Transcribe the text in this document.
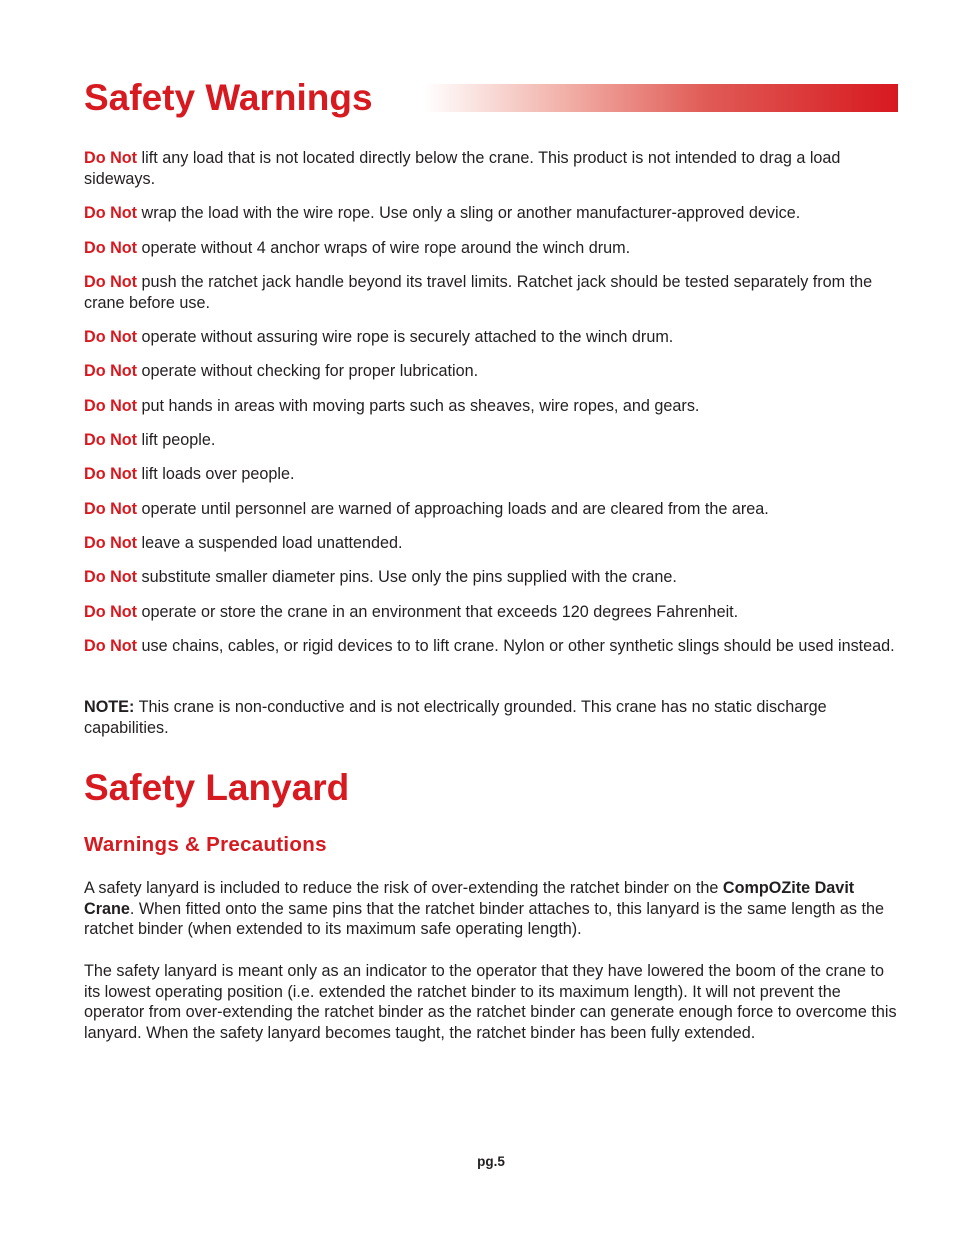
Safety Warnings

Do Not lift any load that is not located directly below the crane. This product is not intended to drag a load sideways.

Do Not wrap the load with the wire rope. Use only a sling or another manufacturer-approved device.

Do Not operate without 4 anchor wraps of wire rope around the winch drum.

Do Not push the ratchet jack handle beyond its travel limits. Ratchet jack should be tested separately from the crane before use.

Do Not operate without assuring wire rope is securely attached to the winch drum.

Do Not operate without checking for proper lubrication.

Do Not put hands in areas with moving parts such as sheaves, wire ropes, and gears.

Do Not lift people.

Do Not lift loads over people.

Do Not operate until personnel are warned of approaching loads and are cleared from the area.

Do Not leave a suspended load unattended.

Do Not substitute smaller diameter pins. Use only the pins supplied with the crane.

Do Not operate or store the crane in an environment that exceeds 120 degrees Fahrenheit.

Do Not use chains, cables, or rigid devices to to lift crane. Nylon or other synthetic slings should be used instead.

NOTE: This crane is non-conductive and is not electrically grounded. This crane has no static discharge capabilities.

Safety Lanyard
Warnings & Precautions

A safety lanyard is included to reduce the risk of over-extending the ratchet binder on the CompOZite Davit Crane. When fitted onto the same pins that the ratchet binder attaches to, this lanyard is the same length as the ratchet binder (when extended to its maximum safe operating length).

The safety lanyard is meant only as an indicator to the operator that they have lowered the boom of the crane to its lowest operating position (i.e. extended the ratchet binder to its maximum length). It will not prevent the operator from over-extending the ratchet binder as the ratchet binder can generate enough force to overcome this lanyard. When the safety lanyard becomes taught, the ratchet binder has been fully extended.

pg.5
